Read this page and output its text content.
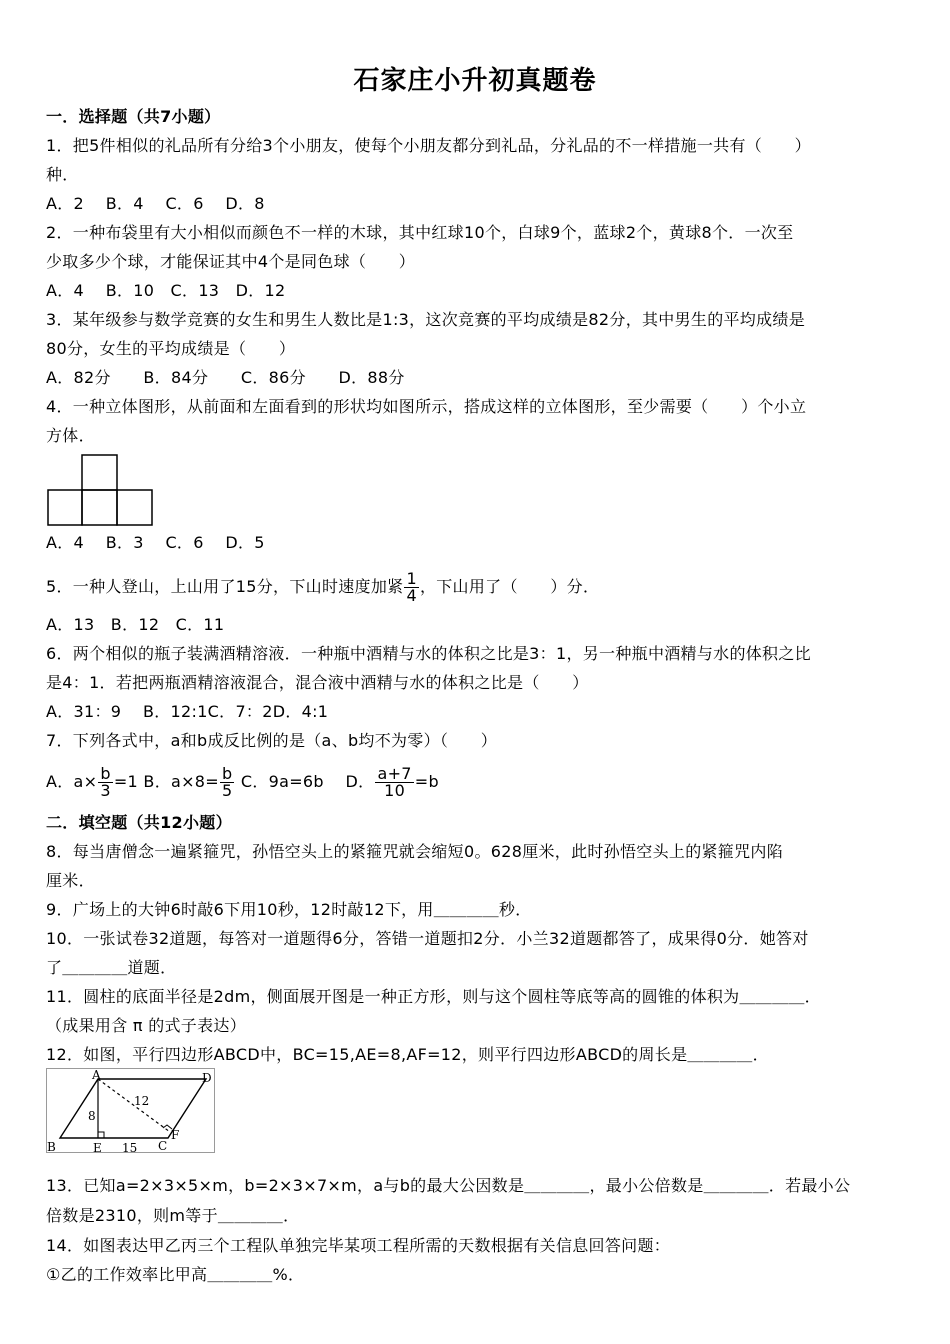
石家庄小升初真题卷
一．选择题（共7小题）
1．把5件相似的礼品所有分给3个小朋友，使每个小朋友都分到礼品，分礼品的不一样措施一共有（　　）
种．
A．2　 B．4　 C．6　 D．8
2．一种布袋里有大小相似而颜色不一样的木球，其中红球10个，白球9个，蓝球2个，黄球8个．一次至
少取多少个球，才能保证其中4个是同色球（　　）
A．4　 B．10　C．13　D．12
3．某年级参与数学竞赛的女生和男生人数比是1:3，这次竞赛的平均成绩是82分，其中男生的平均成绩是
80分，女生的平均成绩是（　　）
A．82分　　B．84分　　C．86分　　D．88分
4．一种立体图形，从前面和左面看到的形状均如图所示，搭成这样的立体图形，至少需要（　　）个小立
方体．
A．4　 B．3　 C．6　 D．5
5．一种人登山，上山用了15分，下山时速度加紧 $\frac{1}{4}$ ，下山用了（　　）分．
A．13　B．12　C．11
6．两个相似的瓶子装满酒精溶液．一种瓶中酒精与水的体积之比是3：1，另一种瓶中酒精与水的体积之比
是4：1．若把两瓶酒精溶液混合，混合液中酒精与水的体积之比是（　　）
A．31：9　 B．12:1C．7：2D．4:1
7．下列各式中，a和b成反比例的是（a、b均不为零）（　　）
A．$a\times \frac{b}{3} =1$ B．$a\times 8= \frac{b}{5}$ C．9a=6b　 D． $\frac{a+7}{10} =b$
二．填空题（共12小题）
8．每当唐僧念一遍紧箍咒，孙悟空头上的紧箍咒就会缩短0。628厘米，此时孙悟空头上的紧箍咒内陷
厘米．
9．广场上的大钟6时敲6下用10秒，12时敲12下，用＿＿＿＿秒．
10．一张试卷32道题，每答对一道题得6分，答错一道题扣2分．小兰32道题都答了，成果得0分．她答对
了＿＿＿＿道题．
11．圆柱的底面半径是2dm，侧面展开图是一种正方形，则与这个圆柱等底等高的圆锥的体积为＿＿＿＿．
（成果用含 π 的式子表达）
12．如图，平行四边形ABCD中，BC=15,AE=8,AF=12，则平行四边形ABCD的周长是＿＿＿＿．
A	D
B	C
E
F
8
12
15
13．已知a=2×3×5×m，b=2×3×7×m，a与b的最大公因数是＿＿＿＿，最小公倍数是＿＿＿＿．若最小公
倍数是2310，则m等于＿＿＿＿．
14．如图表达甲乙丙三个工程队单独完毕某项工程所需的天数根据有关信息回答问题：
①乙的工作效率比甲高＿＿＿＿%．
